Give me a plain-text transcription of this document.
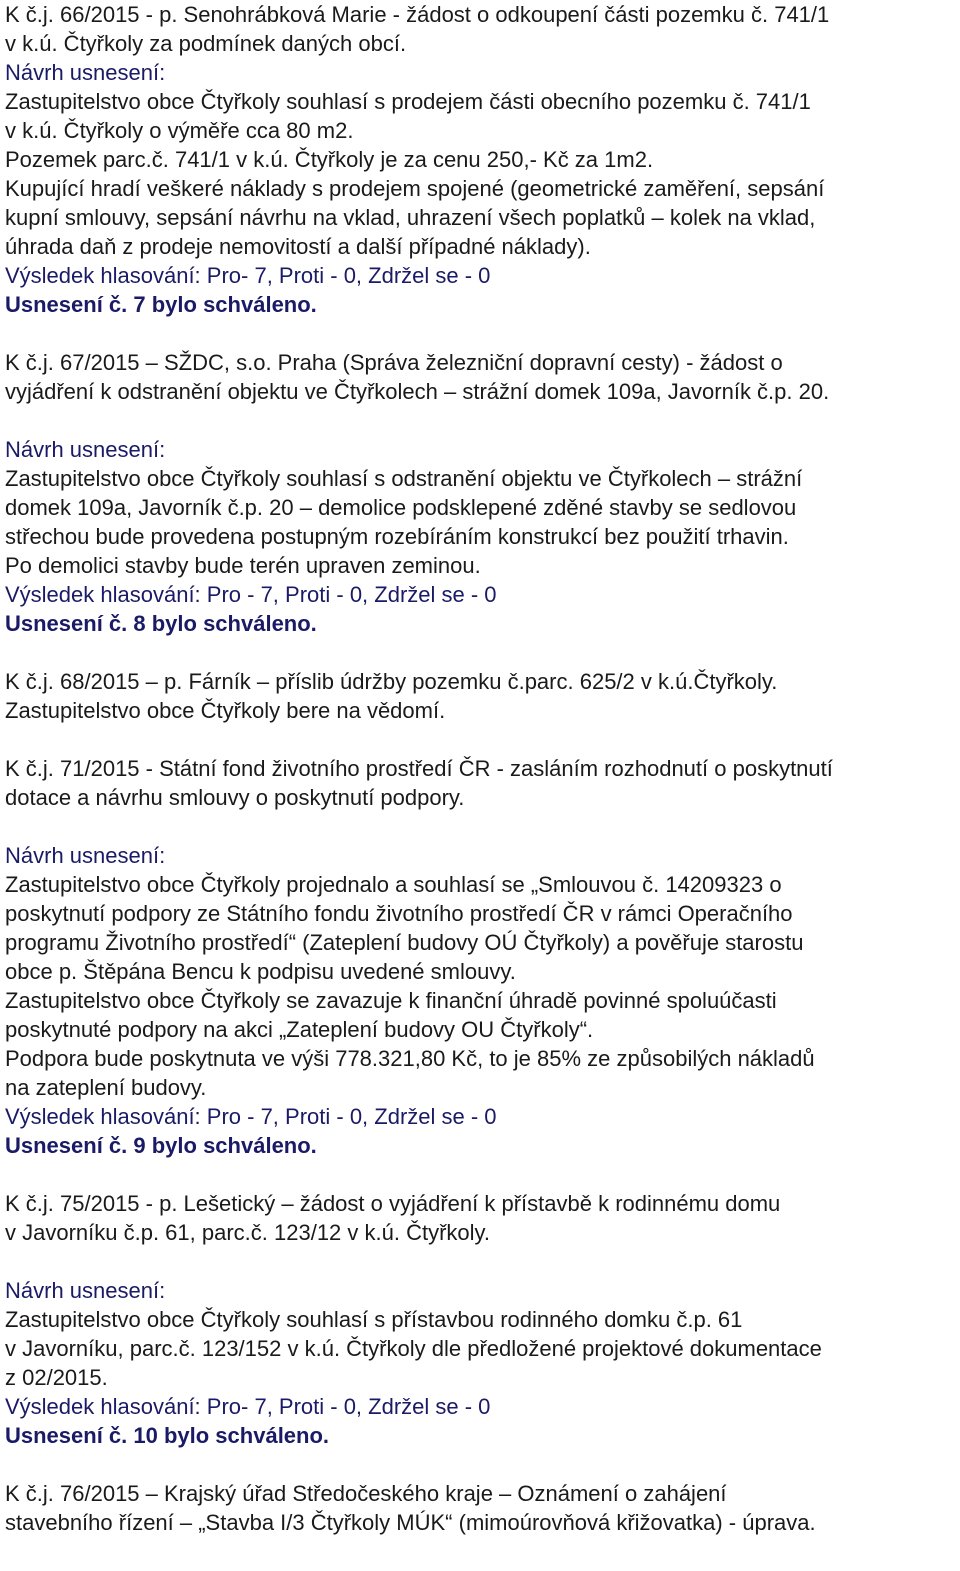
K č.j. 66/2015 - p. Senohrábková Marie - žádost o odkoupení části pozemku č. 741/1
v k.ú. Čtyřkoly za podmínek daných obcí.
Návrh usnesení:
Zastupitelstvo obce Čtyřkoly souhlasí s prodejem části obecního pozemku č. 741/1
v k.ú. Čtyřkoly o výměře cca 80 m2.
Pozemek parc.č. 741/1 v k.ú. Čtyřkoly je za cenu 250,- Kč za 1m2.
Kupující hradí veškeré náklady s prodejem spojené (geometrické zaměření, sepsání
kupní smlouvy, sepsání návrhu na vklad, uhrazení všech poplatků – kolek na vklad,
úhrada daň z prodeje nemovitostí a další případné náklady).
Výsledek hlasování: Pro- 7, Proti - 0, Zdržel se - 0
Usnesení č. 7 bylo schváleno.
K č.j. 67/2015 – SŽDC, s.o. Praha (Správa železniční dopravní cesty) - žádost o
vyjádření k odstranění objektu ve Čtyřkolech – strážní domek 109a, Javorník č.p. 20.
Návrh usnesení:
Zastupitelstvo obce Čtyřkoly souhlasí s odstranění objektu ve Čtyřkolech – strážní
domek 109a, Javorník č.p. 20 – demolice podsklepené zděné stavby se sedlovou
střechou bude provedena postupným rozebíráním konstrukcí bez použití trhavin.
Po demolici stavby bude terén upraven zeminou.
Výsledek hlasování: Pro - 7, Proti - 0, Zdržel se - 0
Usnesení č. 8 bylo schváleno.
K č.j. 68/2015 – p. Fárník – příslib údržby pozemku č.parc. 625/2 v k.ú.Čtyřkoly.
Zastupitelstvo obce Čtyřkoly bere na vědomí.
K č.j. 71/2015 - Státní fond životního prostředí ČR - zasláním rozhodnutí o poskytnutí
dotace a návrhu smlouvy o poskytnutí podpory.
Návrh usnesení:
Zastupitelstvo obce Čtyřkoly projednalo a souhlasí se „Smlouvou č. 14209323 o
poskytnutí podpory ze Státního fondu životního prostředí ČR v rámci Operačního
programu Životního prostředí“ (Zateplení budovy OÚ Čtyřkoly) a pověřuje starostu
obce p. Štěpána Bencu k podpisu uvedené smlouvy.
Zastupitelstvo obce Čtyřkoly se zavazuje k finanční úhradě povinné spoluúčasti
poskytnuté podpory na akci „Zateplení budovy OU Čtyřkoly“.
Podpora bude poskytnuta ve výši 778.321,80 Kč, to je 85% ze způsobilých nákladů
na zateplení budovy.
Výsledek hlasování: Pro - 7, Proti - 0, Zdržel se - 0
Usnesení č. 9 bylo schváleno.
K č.j. 75/2015 - p. Lešetický – žádost o vyjádření k přístavbě k rodinnému domu
v Javorníku č.p. 61, parc.č. 123/12 v k.ú. Čtyřkoly.
Návrh usnesení:
Zastupitelstvo obce Čtyřkoly souhlasí s přístavbou rodinného domku č.p. 61
v Javorníku, parc.č. 123/152 v k.ú. Čtyřkoly dle předložené projektové dokumentace
z 02/2015.
Výsledek hlasování: Pro- 7, Proti - 0, Zdržel se - 0
Usnesení č. 10 bylo schváleno.
K č.j. 76/2015 – Krajský úřad Středočeského kraje – Oznámení o zahájení
stavebního řízení – „Stavba I/3 Čtyřkoly MÚK“ (mimoúrovňová křižovatka) - úprava.
